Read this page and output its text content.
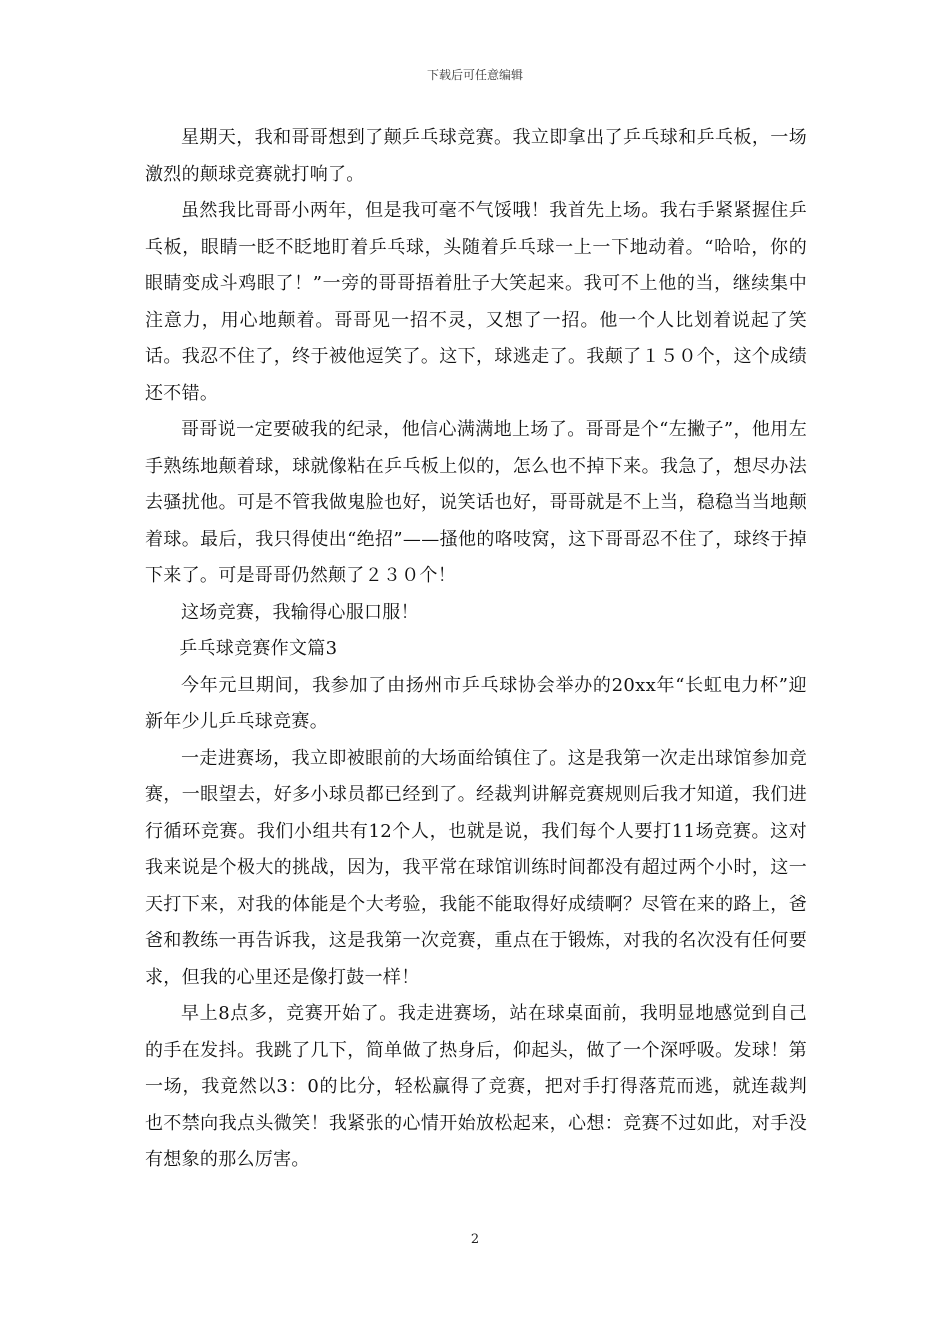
下载后可任意编辑

星期天，我和哥哥想到了颠乒乓球竞赛。我立即拿出了乒乓球和乒乓板，一场激烈的颠球竞赛就打响了。

虽然我比哥哥小两年，但是我可毫不气馁哦！我首先上场。我右手紧紧握住乒乓板，眼睛一眨不眨地盯着乒乓球，头随着乒乓球一上一下地动着。“哈哈，你的眼睛变成斗鸡眼了！”一旁的哥哥捂着肚子大笑起来。我可不上他的当，继续集中注意力，用心地颠着。哥哥见一招不灵，又想了一招。他一个人比划着说起了笑话。我忍不住了，终于被他逗笑了。这下，球逃走了。我颠了１５０个，这个成绩还不错。

哥哥说一定要破我的纪录，他信心满满地上场了。哥哥是个“左撇子”，他用左手熟练地颠着球，球就像粘在乒乓板上似的，怎么也不掉下来。我急了，想尽办法去骚扰他。可是不管我做鬼脸也好，说笑话也好，哥哥就是不上当，稳稳当当地颠着球。最后，我只得使出“绝招”——搔他的咯吱窝，这下哥哥忍不住了，球终于掉下来了。可是哥哥仍然颠了２３０个！

这场竞赛，我输得心服口服！

乒乓球竞赛作文篇3

今年元旦期间，我参加了由扬州市乒乓球协会举办的20xx年“长虹电力杯”迎新年少儿乒乓球竞赛。

一走进赛场，我立即被眼前的大场面给镇住了。这是我第一次走出球馆参加竞赛，一眼望去，好多小球员都已经到了。经裁判讲解竞赛规则后我才知道，我们进行循环竞赛。我们小组共有12个人，也就是说，我们每个人要打11场竞赛。这对我来说是个极大的挑战，因为，我平常在球馆训练时间都没有超过两个小时，这一天打下来，对我的体能是个大考验，我能不能取得好成绩啊？尽管在来的路上，爸爸和教练一再告诉我，这是我第一次竞赛，重点在于锻炼，对我的名次没有任何要求，但我的心里还是像打鼓一样！

早上8点多，竞赛开始了。我走进赛场，站在球桌面前，我明显地感觉到自己的手在发抖。我跳了几下，简单做了热身后，仰起头，做了一个深呼吸。发球！第一场，我竟然以3：0的比分，轻松赢得了竞赛，把对手打得落荒而逃，就连裁判也不禁向我点头微笑！我紧张的心情开始放松起来，心想：竞赛不过如此，对手没有想象的那么厉害。

2
